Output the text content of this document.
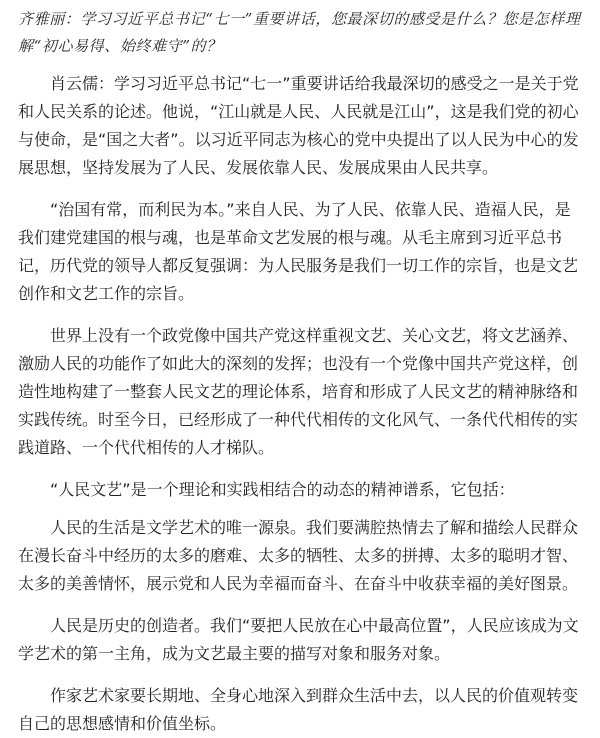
齐雅丽：学习习近平总书记“七一”重要讲话，您最深切的感受是什么？您是怎样理解“初心易得、始终难守”的？

肖云儒：学习习近平总书记“七一”重要讲话给我最深切的感受之一是关于党和人民关系的论述。他说，“江山就是人民、人民就是江山”，这是我们党的初心与使命，是“国之大者”。以习近平同志为核心的党中央提出了以人民为中心的发展思想，坚持发展为了人民、发展依靠人民、发展成果由人民共享。

“治国有常，而利民为本。”来自人民、为了人民、依靠人民、造福人民，是我们建党建国的根与魂，也是革命文艺发展的根与魂。从毛主席到习近平总书记，历代党的领导人都反复强调：为人民服务是我们一切工作的宗旨，也是文艺创作和文艺工作的宗旨。

世界上没有一个政党像中国共产党这样重视文艺、关心文艺，将文艺涵养、激励人民的功能作了如此大的深刻的发挥；也没有一个党像中国共产党这样，创造性地构建了一整套人民文艺的理论体系，培育和形成了人民文艺的精神脉络和实践传统。时至今日，已经形成了一种代代相传的文化风气、一条代代相传的实践道路、一个代代相传的人才梯队。

“人民文艺”是一个理论和实践相结合的动态的精神谱系，它包括：

人民的生活是文学艺术的唯一源泉。我们要满腔热情去了解和描绘人民群众在漫长奋斗中经历的太多的磨难、太多的牺牲、太多的拼搏、太多的聪明才智、太多的美善情怀，展示党和人民为幸福而奋斗、在奋斗中收获幸福的美好图景。

人民是历史的创造者。我们“要把人民放在心中最高位置”，人民应该成为文学艺术的第一主角，成为文艺最主要的描写对象和服务对象。

作家艺术家要长期地、全身心地深入到群众生活中去，以人民的价值观转变自己的思想感情和价值坐标。
